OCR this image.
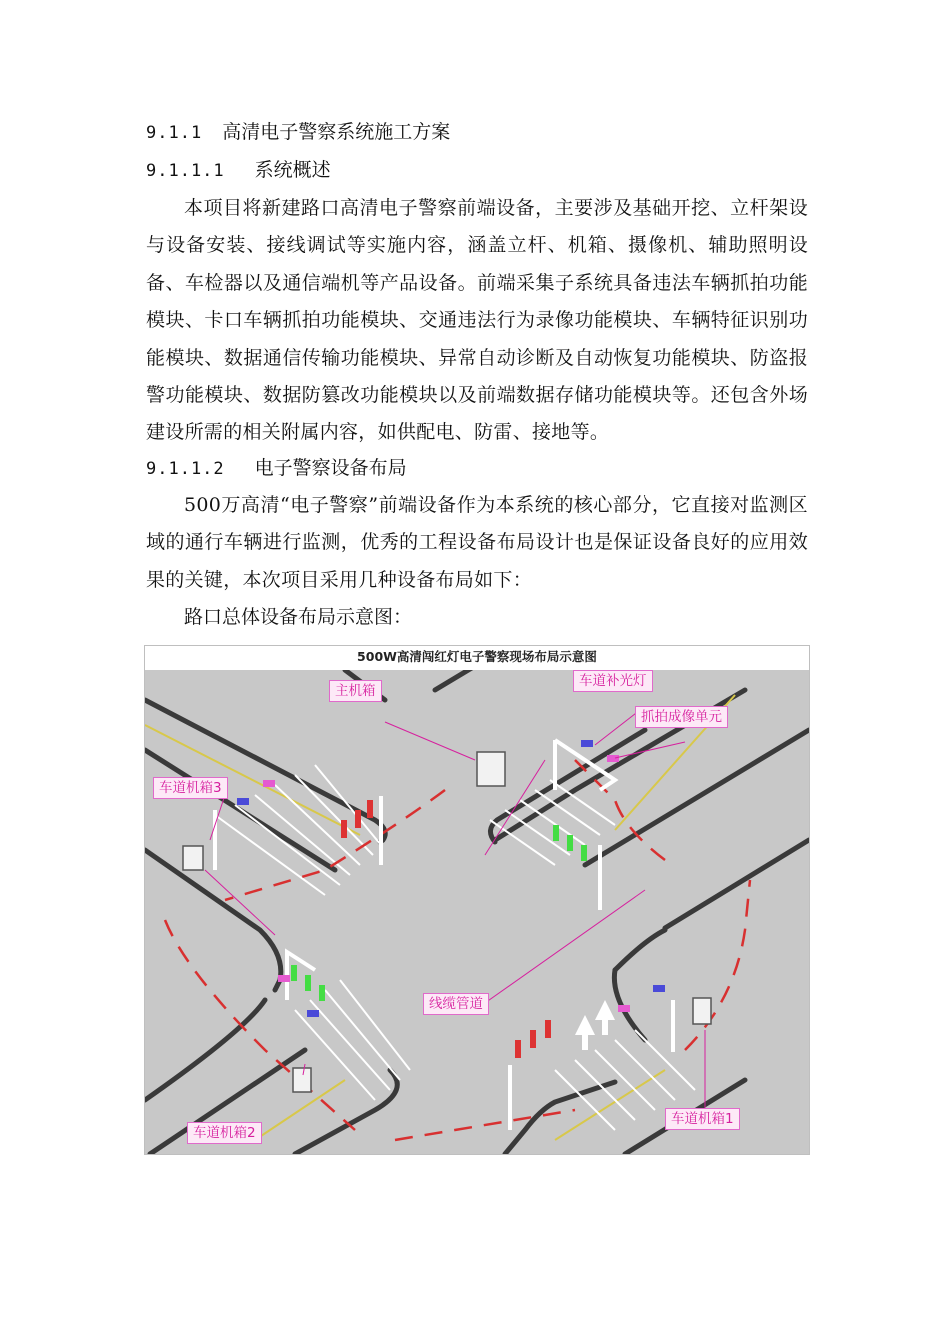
9.1.1 高清电子警察系统施工方案
9.1.1.1 系统概述

本项目将新建路口高清电子警察前端设备，主要涉及基础开挖、立杆架设与设备安装、接线调试等实施内容，涵盖立杆、机箱、摄像机、辅助照明设备、车检器以及通信端机等产品设备。前端采集子系统具备违法车辆抓拍功能模块、卡口车辆抓拍功能模块、交通违法行为录像功能模块、车辆特征识别功能模块、数据通信传输功能模块、异常自动诊断及自动恢复功能模块、防盗报警功能模块、数据防篡改功能模块以及前端数据存储功能模块等。还包含外场建设所需的相关附属内容，如供配电、防雷、接地等。

9.1.1.2 电子警察设备布局

500万高清“电子警察”前端设备作为本系统的核心部分，它直接对监测区域的通行车辆进行监测，优秀的工程设备布局设计也是保证设备良好的应用效果的关键，本次项目采用几种设备布局如下：

路口总体设备布局示意图：
500W高清闯红灯电子警察现场布局示意图
主机箱
车道补光灯
抓拍成像单元
车道机箱3
线缆管道
车道机箱2
车道机箱1
